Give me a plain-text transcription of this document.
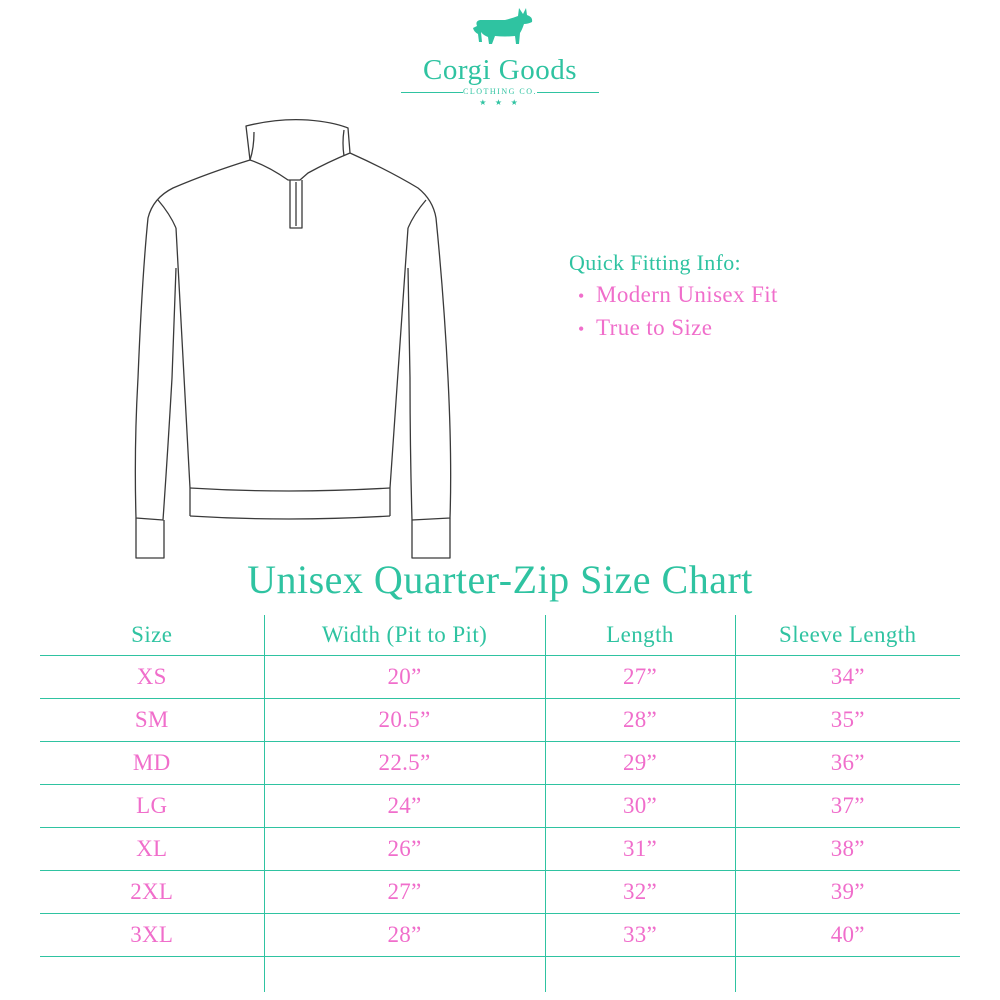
Corgi Goods
CLOTHING CO.
★ ★ ★
Quick Fitting Info:
• Modern Unisex Fit
• True to Size
Unisex Quarter-Zip Size Chart
Size	Width (Pit to Pit)	Length	Sleeve Length
XS	20”	27”	34”
SM	20.5”	28”	35”
MD	22.5”	29”	36”
LG	24”	30”	37”
XL	26”	31”	38”
2XL	27”	32”	39”
3XL	28”	33”	40”
